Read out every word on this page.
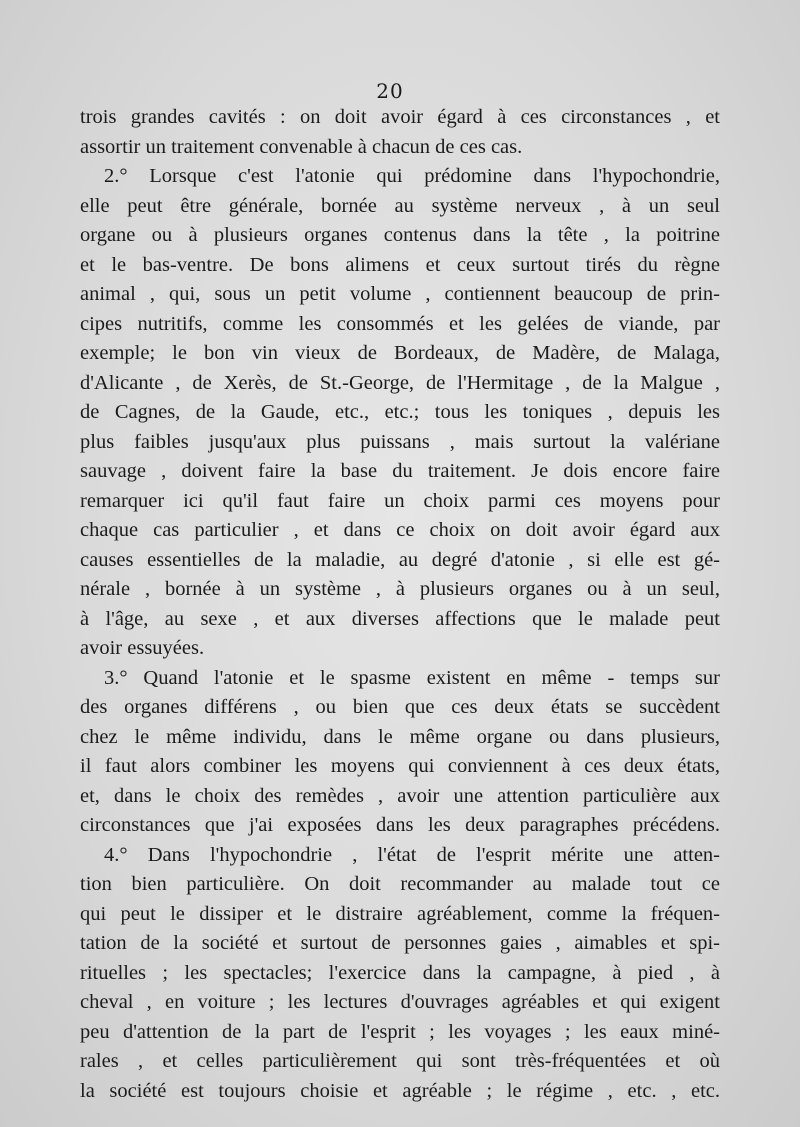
20
trois grandes cavités : on doit avoir égard à ces circonstances , et
assortir un traitement convenable à chacun de ces cas.
2.° Lorsque c'est l'atonie qui prédomine dans l'hypochondrie,
elle peut être générale, bornée au système nerveux , à un seul
organe ou à plusieurs organes contenus dans la tête , la poitrine
et le bas-ventre. De bons alimens et ceux surtout tirés du règne
animal , qui, sous un petit volume , contiennent beaucoup de prin-
cipes nutritifs, comme les consommés et les gelées de viande, par
exemple; le bon vin vieux de Bordeaux, de Madère, de Malaga,
d'Alicante , de Xerès, de St.-George, de l'Hermitage , de la Malgue ,
de Cagnes, de la Gaude, etc., etc.; tous les toniques , depuis les
plus faibles jusqu'aux plus puissans , mais surtout la valériane
sauvage , doivent faire la base du traitement. Je dois encore faire
remarquer ici qu'il faut faire un choix parmi ces moyens pour
chaque cas particulier , et dans ce choix on doit avoir égard aux
causes essentielles de la maladie, au degré d'atonie , si elle est gé-
nérale , bornée à un système , à plusieurs organes ou à un seul,
à l'âge, au sexe , et aux diverses affections que le malade peut
avoir essuyées.
3.° Quand l'atonie et le spasme existent en même - temps sur
des organes différens , ou bien que ces deux états se succèdent
chez le même individu, dans le même organe ou dans plusieurs,
il faut alors combiner les moyens qui conviennent à ces deux états,
et, dans le choix des remèdes , avoir une attention particulière aux
circonstances que j'ai exposées dans les deux paragraphes précédens.
4.° Dans l'hypochondrie , l'état de l'esprit mérite une atten-
tion bien particulière. On doit recommander au malade tout ce
qui peut le dissiper et le distraire agréablement, comme la fréquen-
tation de la société et surtout de personnes gaies , aimables et spi-
rituelles ; les spectacles; l'exercice dans la campagne, à pied , à
cheval , en voiture ; les lectures d'ouvrages agréables et qui exigent
peu d'attention de la part de l'esprit ; les voyages ; les eaux miné-
rales , et celles particulièrement qui sont très-fréquentées et où
la société est toujours choisie et agréable ; le régime , etc. , etc.
